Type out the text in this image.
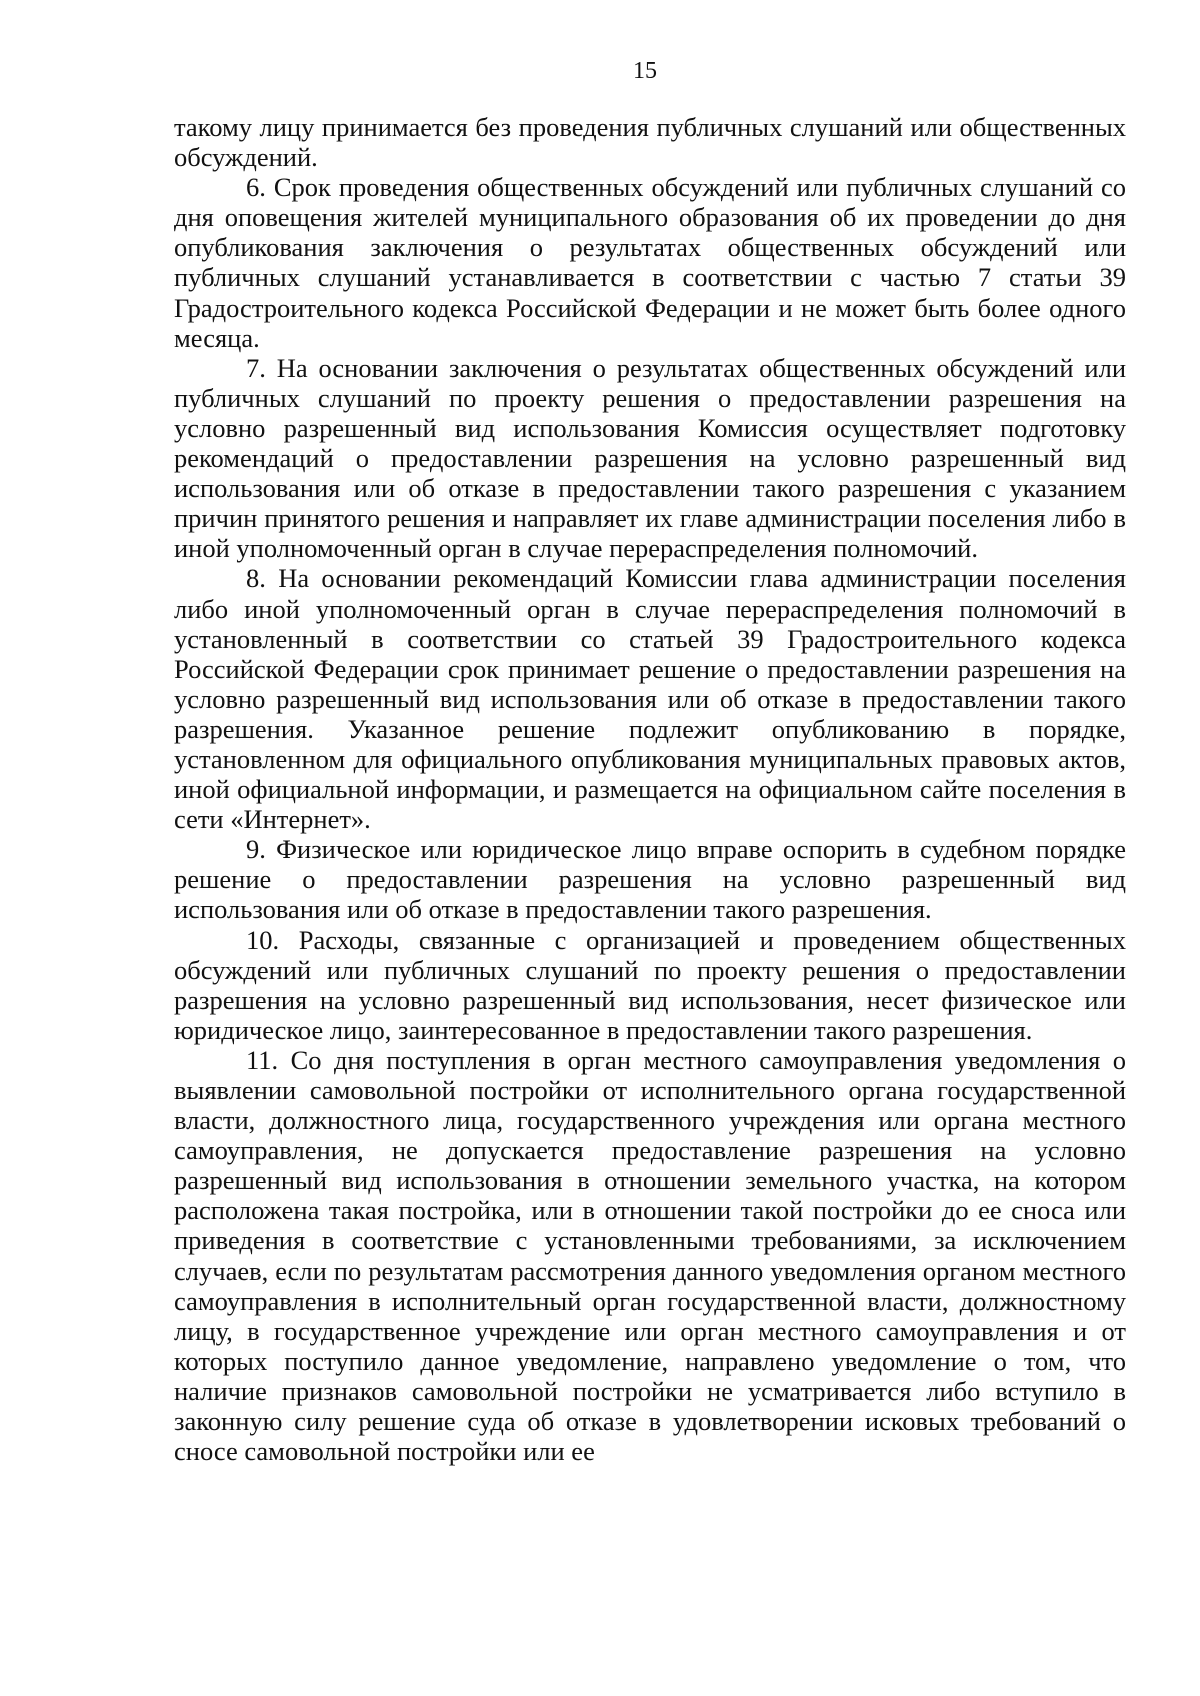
15

такому лицу принимается без проведения публичных слушаний или общественных обсуждений.

6. Срок проведения общественных обсуждений или публичных слушаний со дня оповещения жителей муниципального образования об их проведении до дня опубликования заключения о результатах общественных обсуждений или публичных слушаний устанавливается в соответствии с частью 7 статьи 39 Градостроительного кодекса Российской Федерации и не может быть более одного месяца.

7. На основании заключения о результатах общественных обсуждений или публичных слушаний по проекту решения о предоставлении разрешения на условно разрешенный вид использования Комиссия осуществляет подготовку рекомендаций о предоставлении разрешения на условно разрешенный вид использования или об отказе в предоставлении такого разрешения с указанием причин принятого решения и направляет их главе администрации поселения либо в иной уполномоченный орган в случае перераспределения полномочий.

8. На основании рекомендаций Комиссии глава администрации поселения либо иной уполномоченный орган в случае перераспределения полномочий в установленный в соответствии со статьей 39 Градостроительного кодекса Российской Федерации срок принимает решение о предоставлении разрешения на условно разрешенный вид использования или об отказе в предоставлении такого разрешения. Указанное решение подлежит опубликованию в порядке, установленном для официального опубликования муниципальных правовых актов, иной официальной информации, и размещается на официальном сайте поселения в сети «Интернет».

9. Физическое или юридическое лицо вправе оспорить в судебном порядке решение о предоставлении разрешения на условно разрешенный вид использования или об отказе в предоставлении такого разрешения.

10. Расходы, связанные с организацией и проведением общественных обсуждений или публичных слушаний по проекту решения о предоставлении разрешения на условно разрешенный вид использования, несет физическое или юридическое лицо, заинтересованное в предоставлении такого разрешения.

11. Со дня поступления в орган местного самоуправления уведомления о выявлении самовольной постройки от исполнительного органа государственной власти, должностного лица, государственного учреждения или органа местного самоуправления, не допускается предоставление разрешения на условно разрешенный вид использования в отношении земельного участка, на котором расположена такая постройка, или в отношении такой постройки до ее сноса или приведения в соответствие с установленными требованиями, за исключением случаев, если по результатам рассмотрения данного уведомления органом местного самоуправления в исполнительный орган государственной власти, должностному лицу, в государственное учреждение или орган местного самоуправления и от которых поступило данное уведомление, направлено уведомление о том, что наличие признаков самовольной постройки не усматривается либо вступило в законную силу решение суда об отказе в удовлетворении исковых требований о сносе самовольной постройки или ее
